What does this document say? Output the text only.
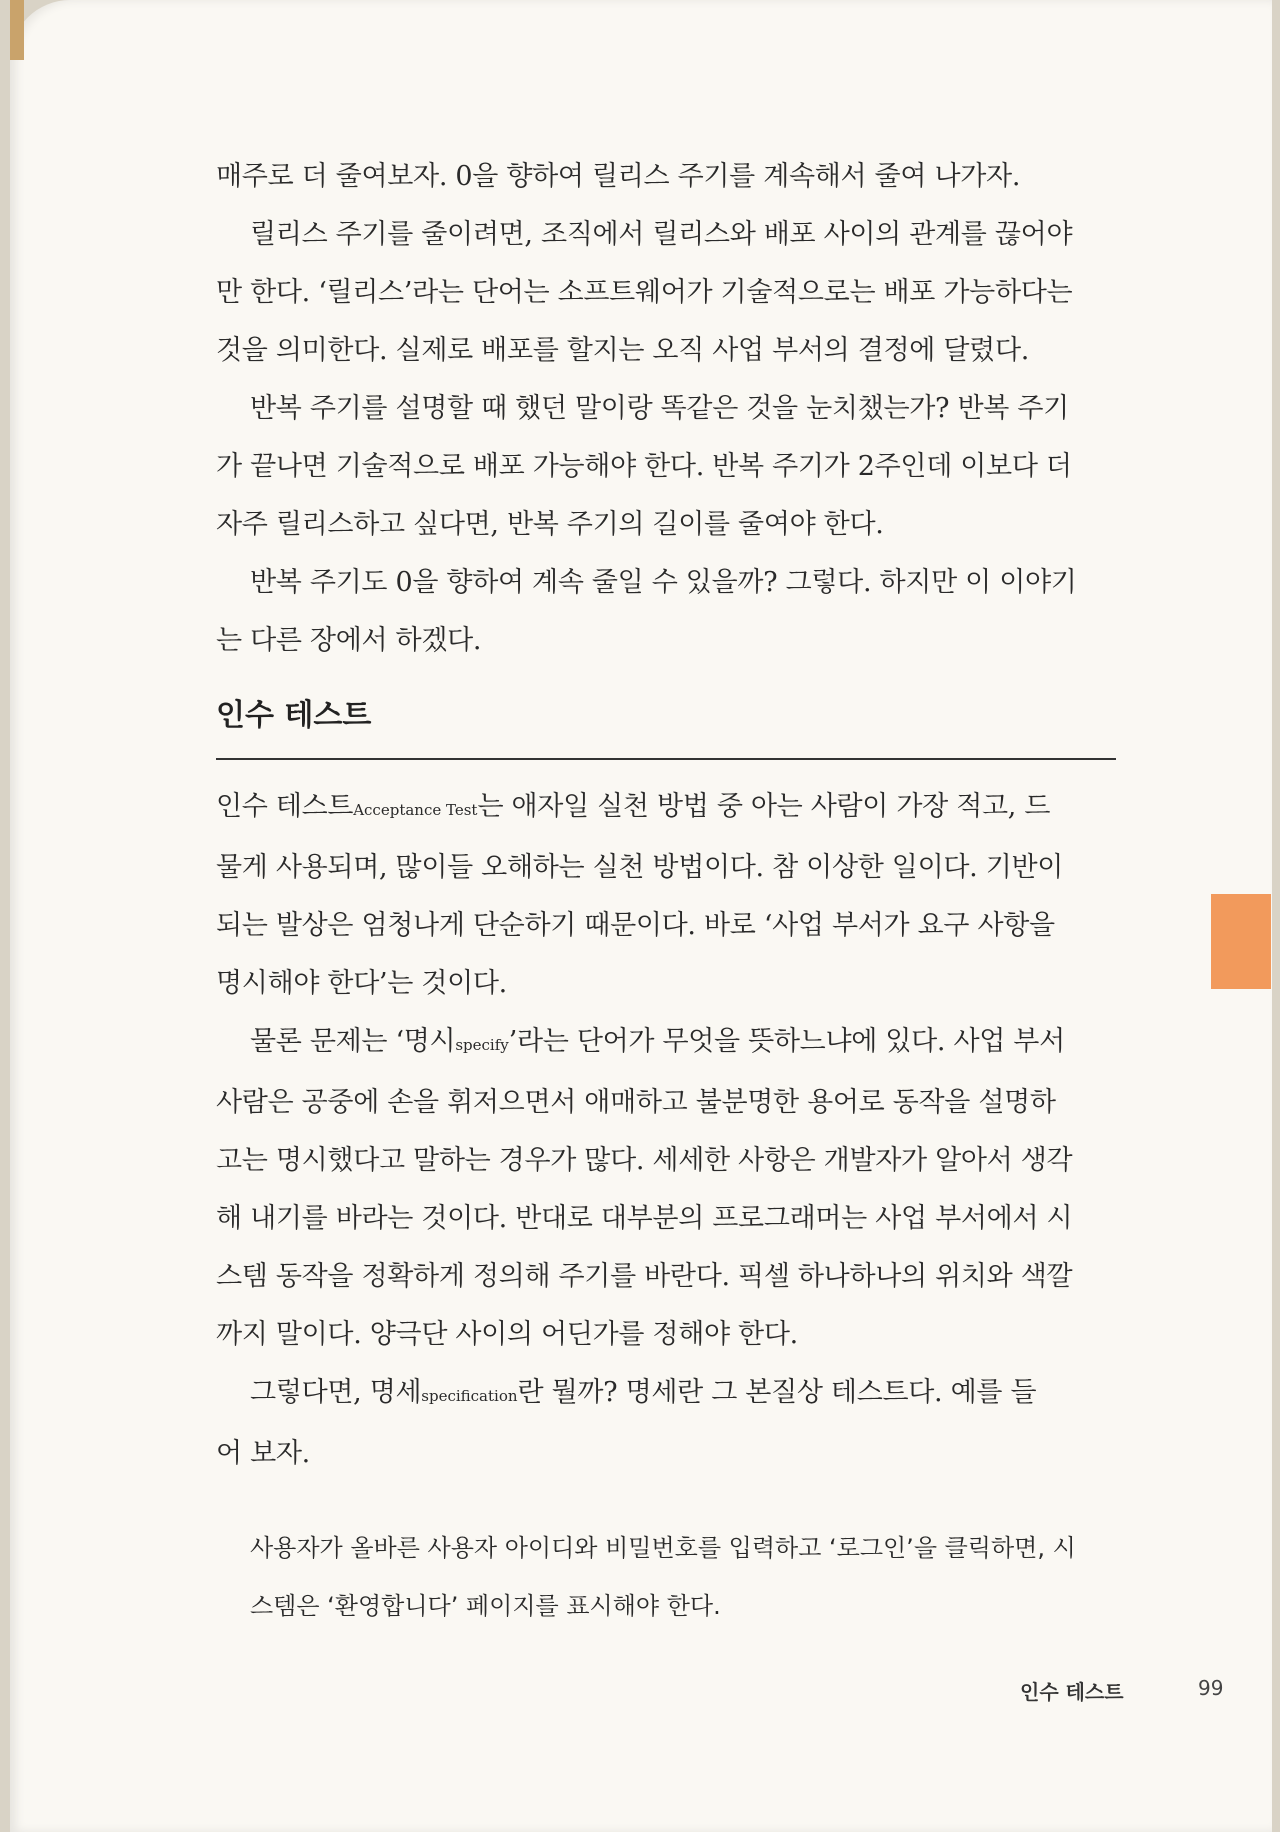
매주로 더 줄여보자. 0을 향하여 릴리스 주기를 계속해서 줄여 나가자.

릴리스 주기를 줄이려면, 조직에서 릴리스와 배포 사이의 관계를 끊어야

만 한다. ‘릴리스’라는 단어는 소프트웨어가 기술적으로는 배포 가능하다는

것을 의미한다. 실제로 배포를 할지는 오직 사업 부서의 결정에 달렸다.

반복 주기를 설명할 때 했던 말이랑 똑같은 것을 눈치챘는가? 반복 주기

가 끝나면 기술적으로 배포 가능해야 한다. 반복 주기가 2주인데 이보다 더

자주 릴리스하고 싶다면, 반복 주기의 길이를 줄여야 한다.

반복 주기도 0을 향하여 계속 줄일 수 있을까? 그렇다. 하지만 이 이야기

는 다른 장에서 하겠다.

인수 테스트

인수 테스트Acceptance Test는 애자일 실천 방법 중 아는 사람이 가장 적고, 드

물게 사용되며, 많이들 오해하는 실천 방법이다. 참 이상한 일이다. 기반이

되는 발상은 엄청나게 단순하기 때문이다. 바로 ‘사업 부서가 요구 사항을

명시해야 한다’는 것이다.

물론 문제는 ‘명시specify’라는 단어가 무엇을 뜻하느냐에 있다. 사업 부서

사람은 공중에 손을 휘저으면서 애매하고 불분명한 용어로 동작을 설명하

고는 명시했다고 말하는 경우가 많다. 세세한 사항은 개발자가 알아서 생각

해 내기를 바라는 것이다. 반대로 대부분의 프로그래머는 사업 부서에서 시

스템 동작을 정확하게 정의해 주기를 바란다. 픽셀 하나하나의 위치와 색깔

까지 말이다. 양극단 사이의 어딘가를 정해야 한다.

그렇다면, 명세specification란 뭘까? 명세란 그 본질상 테스트다. 예를 들

어 보자.

사용자가 올바른 사용자 아이디와 비밀번호를 입력하고 ‘로그인’을 클릭하면, 시
스템은 ‘환영합니다’ 페이지를 표시해야 한다.
인수 테스트	99
